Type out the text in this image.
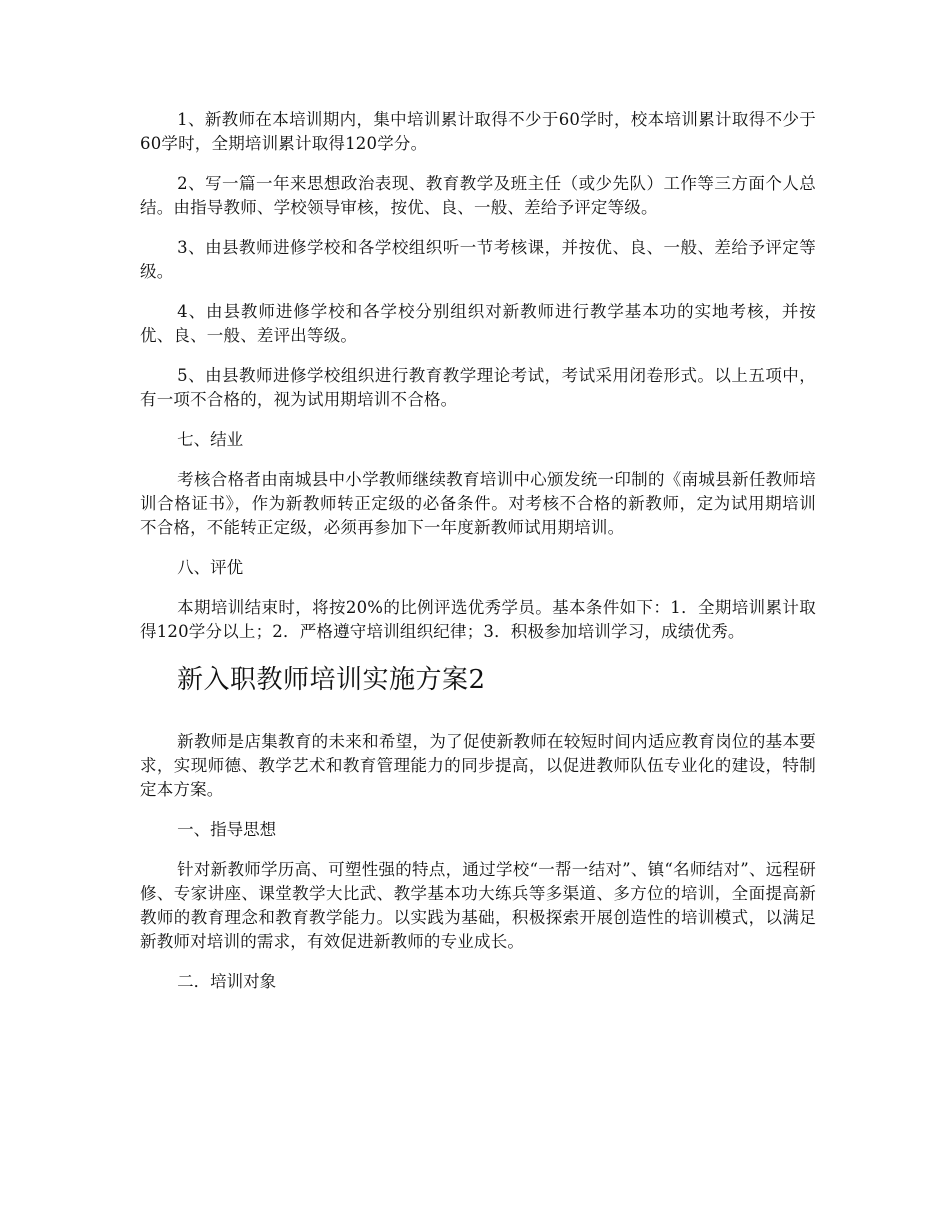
1、新教师在本培训期内，集中培训累计取得不少于60学时，校本培训累计取得不少于60学时，全期培训累计取得120学分。

2、写一篇一年来思想政治表现、教育教学及班主任（或少先队）工作等三方面个人总结。由指导教师、学校领导审核，按优、良、一般、差给予评定等级。

3、由县教师进修学校和各学校组织听一节考核课，并按优、良、一般、差给予评定等级。

4、由县教师进修学校和各学校分别组织对新教师进行教学基本功的实地考核，并按优、良、一般、差评出等级。

5、由县教师进修学校组织进行教育教学理论考试，考试采用闭卷形式。以上五项中，有一项不合格的，视为试用期培训不合格。

七、结业

考核合格者由南城县中小学教师继续教育培训中心颁发统一印制的《南城县新任教师培训合格证书》，作为新教师转正定级的必备条件。对考核不合格的新教师，定为试用期培训不合格，不能转正定级，必须再参加下一年度新教师试用期培训。

八、评优

本期培训结束时，将按20%的比例评选优秀学员。基本条件如下：1．全期培训累计取得120学分以上；2．严格遵守培训组织纪律；3．积极参加培训学习，成绩优秀。

新入职教师培训实施方案2

新教师是店集教育的未来和希望，为了促使新教师在较短时间内适应教育岗位的基本要求，实现师德、教学艺术和教育管理能力的同步提高，以促进教师队伍专业化的建设，特制定本方案。

一、指导思想

针对新教师学历高、可塑性强的特点，通过学校“一帮一结对”、镇“名师结对”、远程研修、专家讲座、课堂教学大比武、教学基本功大练兵等多渠道、多方位的培训，全面提高新教师的教育理念和教育教学能力。以实践为基础，积极探索开展创造性的培训模式，以满足新教师对培训的需求，有效促进新教师的专业成长。

二．培训对象
